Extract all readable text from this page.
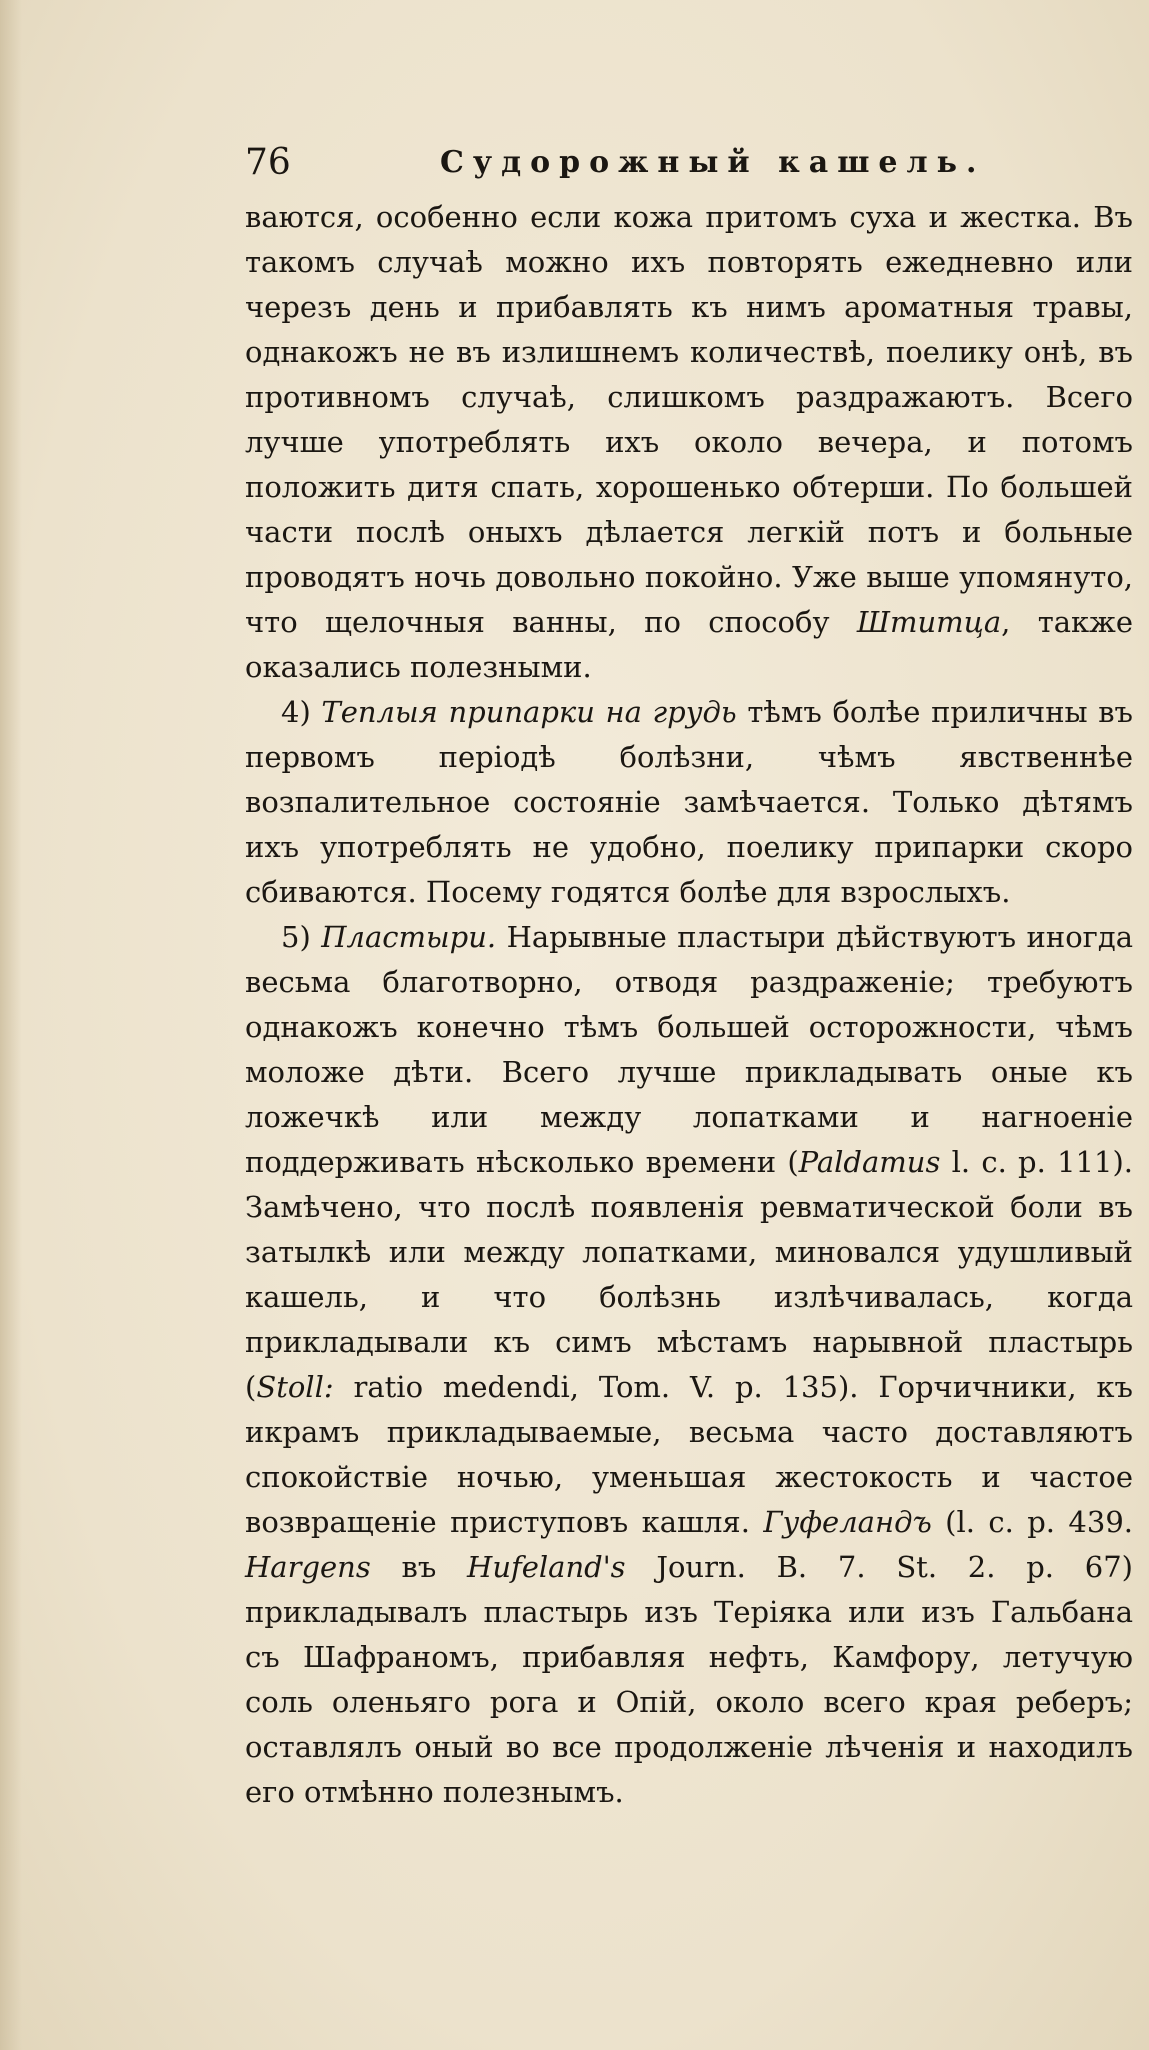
76	Судорожный кашель.

ваются, особенно если кожа притомъ суха и жестка. Въ такомъ случаѣ можно ихъ повторять ежедневно или черезъ день и прибавлять къ нимъ ароматныя травы, однакожъ не въ излишнемъ количествѣ, поелику онѣ, въ противномъ случаѣ, слишкомъ раздражаютъ. Всего лучше употреблять ихъ около вечера, и потомъ положить дитя спать, хорошенько обтерши. По большей части послѣ оныхъ дѣлается легкій потъ и больные проводятъ ночь довольно покойно. Уже выше упомянуто, что щелочныя ванны, по способу Штитца, также оказались полезными.

4) Теплыя припарки на грудь тѣмъ болѣе приличны въ первомъ періодѣ болѣзни, чѣмъ явственнѣе возпалительное состояніе замѣчается. Только дѣтямъ ихъ употреблять не удобно, поелику припарки скоро сбиваются. Посему годятся болѣе для взрослыхъ.

5) Пластыри. Нарывные пластыри дѣйствуютъ иногда весьма благотворно, отводя раздраженіе; требуютъ однакожъ конечно тѣмъ большей осторожности, чѣмъ моложе дѣти. Всего лучше прикладывать оные къ ложечкѣ или между лопатками и нагноеніе поддерживать нѣсколько времени (Paldamus l. c. p. 111). Замѣчено, что послѣ появленія ревматической боли въ затылкѣ или между лопатками, миновался удушливый кашель, и что болѣзнь излѣчивалась, когда прикладывали къ симъ мѣстамъ нарывной пластырь (Stoll: ratio medendi, Tom. V. p. 135). Горчичники, къ икрамъ прикладываемые, весьма часто доставляютъ спокойствіе ночью, уменьшая жестокость и частое возвращеніе приступовъ кашля. Гуфеландъ (l. c. p. 439. Hargens въ Hufeland's Journ. B. 7. St. 2. p. 67) прикладывалъ пластырь изъ Теріяка или изъ Гальбана съ Шафраномъ, прибавляя нефть, Камфору, летучую соль оленьяго рога и Опій, около всего края реберъ; оставлялъ оный во все продолженіе лѣченія и находилъ его отмѣнно полезнымъ.
